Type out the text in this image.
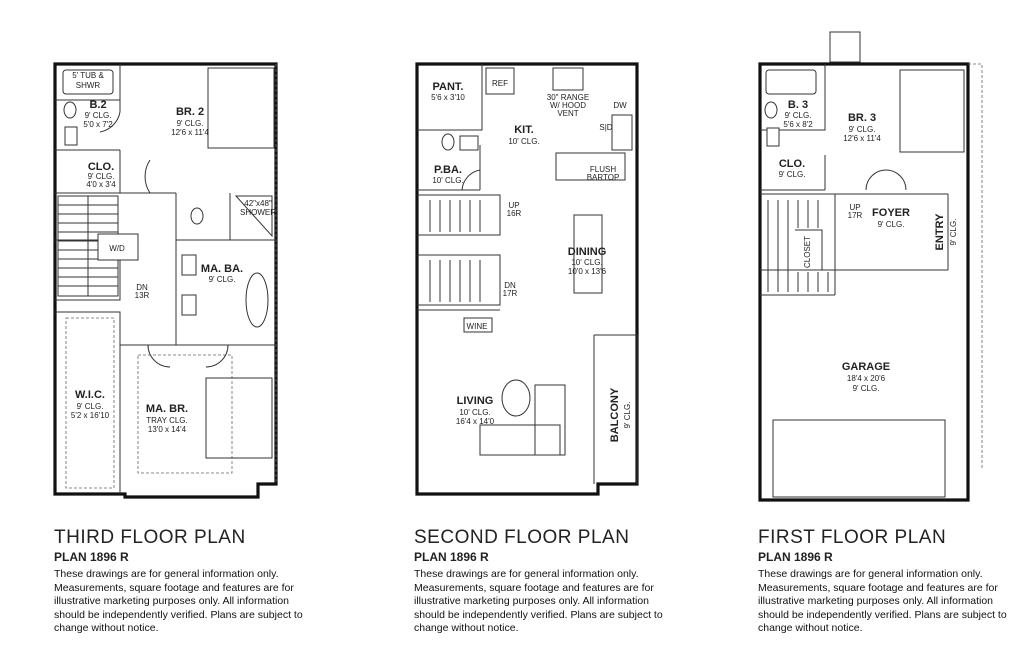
5' TUB &
SHWR
B.2
9' CLG.
5'0 x 7'2
BR. 2
9' CLG.
12'6 x 11'4
CLO.
9' CLG.
4'0 x 3'4
42"x48"
SHOWER
W/D
MA. BA.
9' CLG.
DN
13R
W.I.C.
9' CLG.
5'2 x 16'10
MA. BR.
TRAY CLG.
13'0 x 14'4
PANT.
5'6 x 3'10
REF
30" RANGE
W/ HOOD
VENT
DW
S|D
KIT.
10' CLG.
P.BA.
10' CLG.
FLUSH
BARTOP
UP
16R
DINING
10' CLG.
10'0 x 13'6
DN
17R
WINE
LIVING
10' CLG.
16'4 x 14'0	BALCONY 9' CLG.
B. 3
9' CLG.
5'6 x 8'2
BR. 3
9' CLG.
12'6 x 11'4
CLO.
9' CLG.
UP
17R FOYER
9' CLG.	ENTRY 9' CLG.
CLOSET
GARAGE
18'4 x 20'6
9' CLG.
THIRD FLOOR PLAN
PLAN 1896 R
These drawings are for general information only. Measurements, square footage and features are for illustrative marketing purposes only. All information should be independently verified. Plans are subject to change without notice.
SECOND FLOOR PLAN
PLAN 1896 R
These drawings are for general information only. Measurements, square footage and features are for illustrative marketing purposes only. All information should be independently verified. Plans are subject to change without notice.
FIRST FLOOR PLAN
PLAN 1896 R
These drawings are for general information only. Measurements, square footage and features are for illustrative marketing purposes only. All information should be independently verified. Plans are subject to change without notice.
